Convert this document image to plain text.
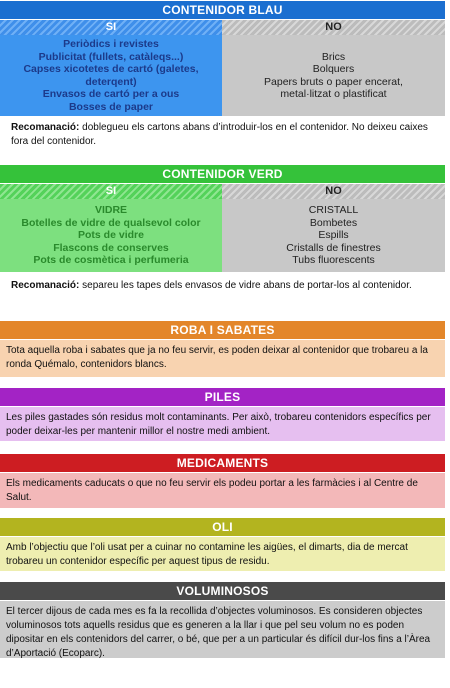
CONTENIDOR BLAU
SI	NO
Periòdics i revistes
Publicitat (fullets, catàleqs...)
Capses xicotetes de cartó (galetes,
deterqent)
Envasos de cartó per a ous
Bosses de paper
Brics
Bolquers
Papers bruts o paper encerat,
metal·litzat o plastificat
Recomanació: doblegueu els cartons abans d’introduir-los en el contenidor. No deixeu caixes fora del contenidor.
CONTENIDOR VERD
SI	NO
VIDRE
Botelles de vidre de qualsevol color
Pots de vidre
Flascons de conserves
Pots de cosmètica i perfumeria
CRISTALL
Bombetes
Espills
Cristalls de finestres
Tubs fluorescents
Recomanació: separeu les tapes dels envasos de vidre abans de portar-los al contenidor.
ROBA I SABATES
Tota aquella roba i sabates que ja no feu servir, es poden deixar al contenidor que trobareu a la ronda Quémalo, contenidors blancs.
PILES
Les piles gastades són residus molt contaminants. Per això, trobareu contenidors específics per poder deixar-les per mantenir millor el nostre medi ambient.
MEDICAMENTS
Els medicaments caducats o que no feu servir els podeu portar a les farmàcies i al Centre de Salut.
OLI
Amb l’objectiu que l’oli usat per a cuinar no contamine les aigües, el dimarts, dia de mercat trobareu un contenidor específic per aquest tipus de residu.
VOLUMINOSOS
El tercer dijous de cada mes es fa la recollida d’objectes voluminosos. Es consideren objectes voluminosos tots aquells residus que es generen a la llar i que pel seu volum no es poden dipositar en els contenidors del carrer, o bé, que per a un particular és difícil dur-los fins a l’Àrea d’Aportació (Ecoparc).
